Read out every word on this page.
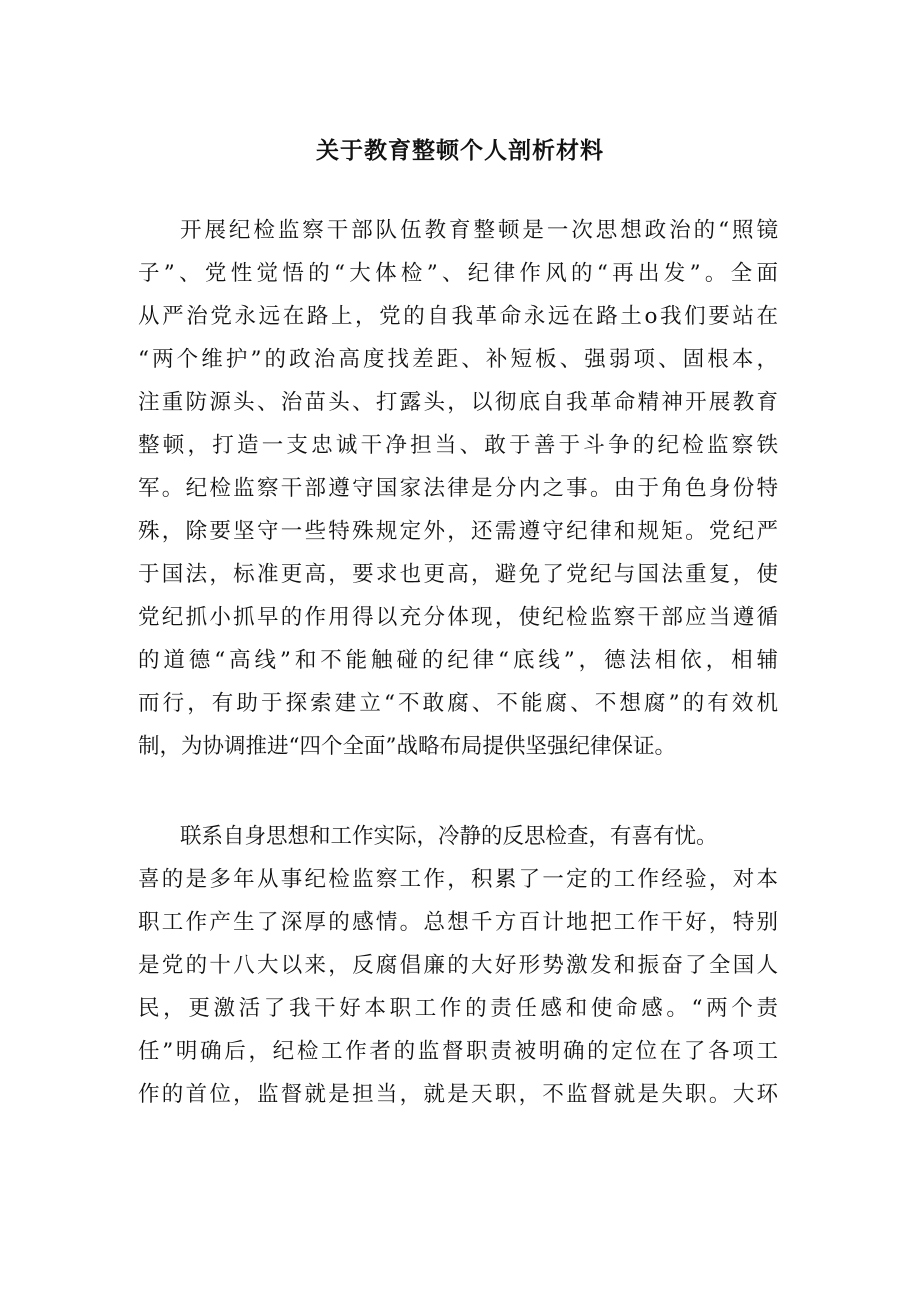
关于教育整顿个人剖析材料
开展纪检监察干部队伍教育整顿是一次思想政治的“照镜
子”、党性觉悟的“大体检”、纪律作风的“再出发”。全面
从严治党永远在路上，党的自我革命永远在路土o我们要站在
“两个维护”的政治高度找差距、补短板、强弱项、固根本，
注重防源头、治苗头、打露头，以彻底自我革命精神开展教育
整顿，打造一支忠诚干净担当、敢于善于斗争的纪检监察铁
军。纪检监察干部遵守国家法律是分内之事。由于角色身份特
殊，除要坚守一些特殊规定外，还需遵守纪律和规矩。党纪严
于国法，标准更高，要求也更高，避免了党纪与国法重复，使
党纪抓小抓早的作用得以充分体现，使纪检监察干部应当遵循
的道德“高线”和不能触碰的纪律“底线”，德法相依，相辅
而行，有助于探索建立“不敢腐、不能腐、不想腐”的有效机
制，为协调推进“四个全面”战略布局提供坚强纪律保证。
联系自身思想和工作实际，冷静的反思检查，有喜有忧。
喜的是多年从事纪检监察工作，积累了一定的工作经验，对本
职工作产生了深厚的感情。总想千方百计地把工作干好，特别
是党的十八大以来，反腐倡廉的大好形势激发和振奋了全国人
民，更激活了我干好本职工作的责任感和使命感。“两个责
任”明确后，纪检工作者的监督职责被明确的定位在了各项工
作的首位，监督就是担当，就是天职，不监督就是失职。大环
